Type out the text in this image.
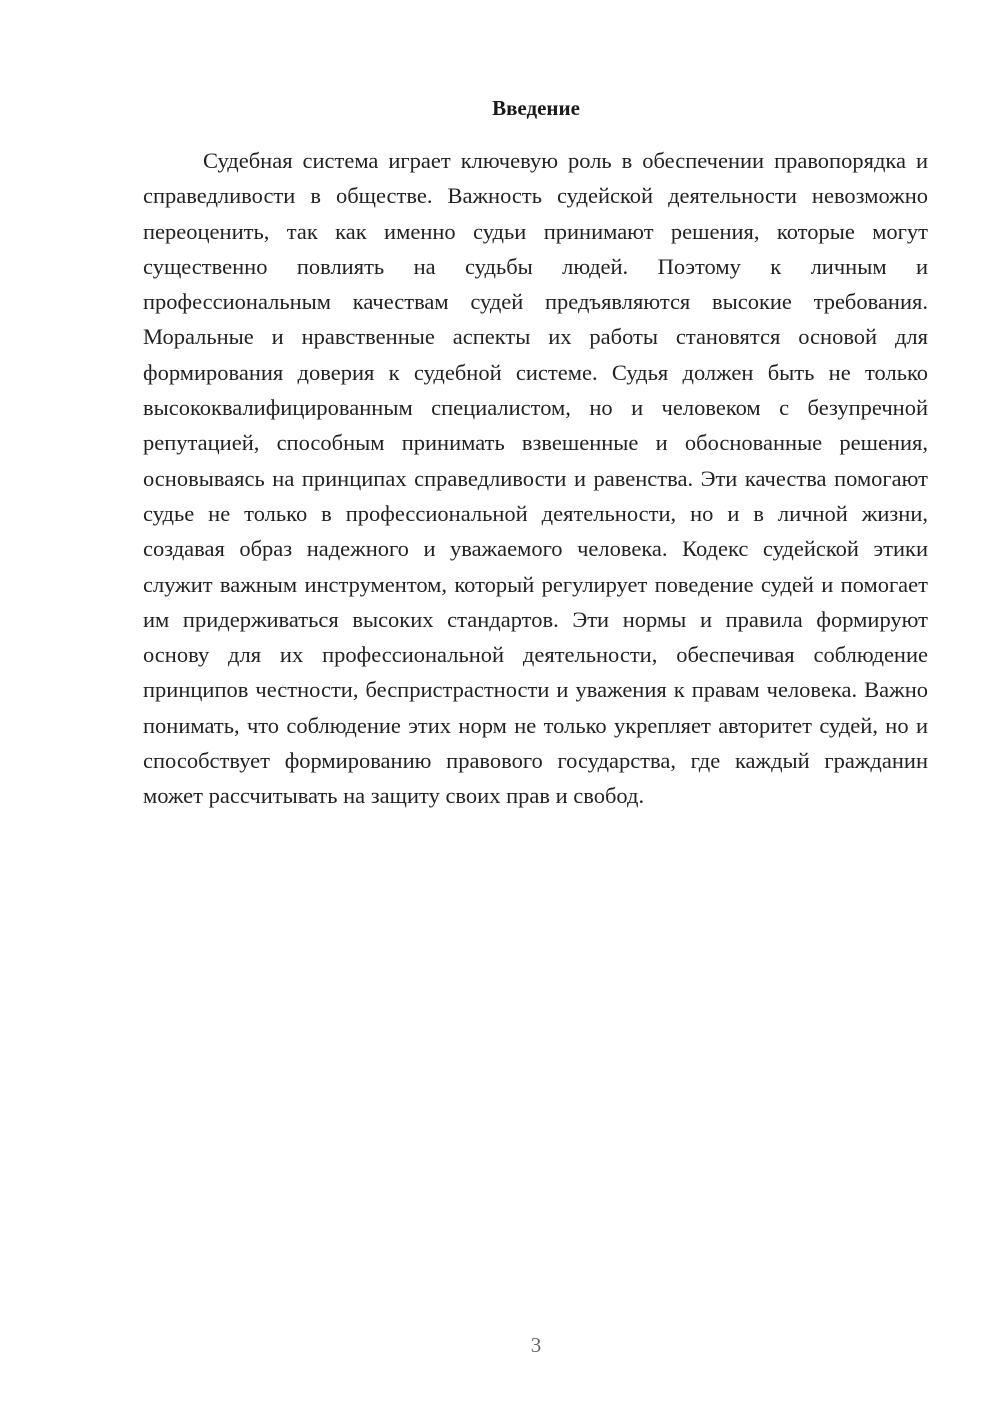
Введение

Судебная система играет ключевую роль в обеспечении правопорядка и справедливости в обществе. Важность судейской деятельности невозможно переоценить, так как именно судьи принимают решения, которые могут существенно повлиять на судьбы людей. Поэтому к личным и профессиональным качествам судей предъявляются высокие требования. Моральные и нравственные аспекты их работы становятся основой для формирования доверия к судебной системе. Судья должен быть не только высококвалифицированным специалистом, но и человеком с безупречной репутацией, способным принимать взвешенные и обоснованные решения, основываясь на принципах справедливости и равенства. Эти качества помогают судье не только в профессиональной деятельности, но и в личной жизни, создавая образ надежного и уважаемого человека. Кодекс судейской этики служит важным инструментом, который регулирует поведение судей и помогает им придерживаться высоких стандартов. Эти нормы и правила формируют основу для их профессиональной деятельности, обеспечивая соблюдение принципов честности, беспристрастности и уважения к правам человека. Важно понимать, что соблюдение этих норм не только укрепляет авторитет судей, но и способствует формированию правового государства, где каждый гражданин может рассчитывать на защиту своих прав и свобод.

3
